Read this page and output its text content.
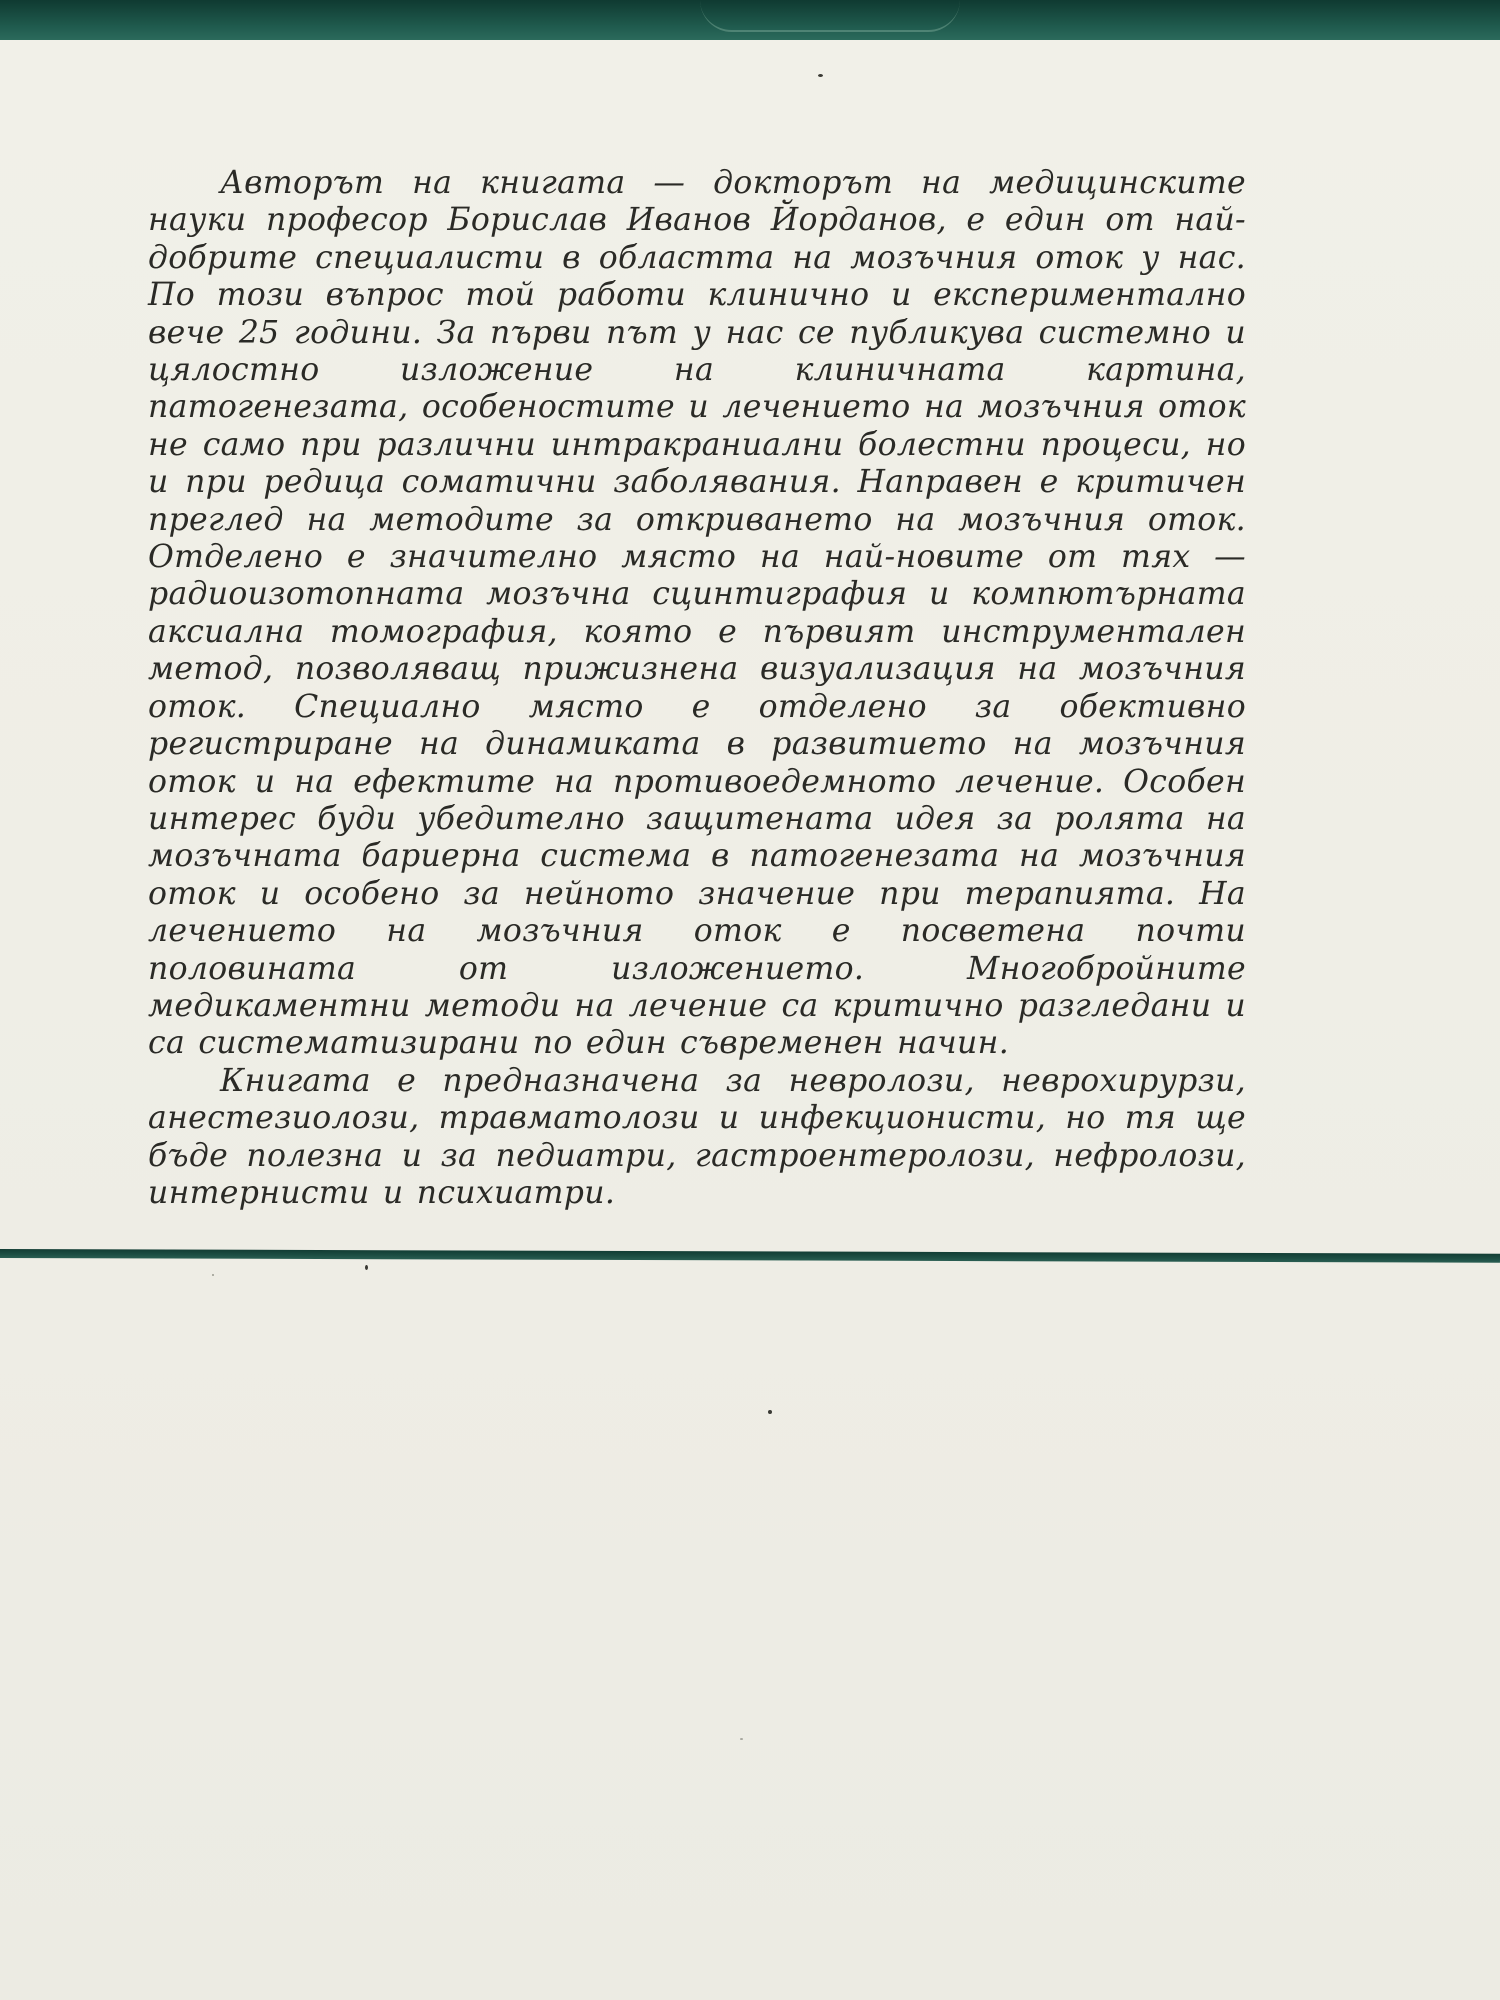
Авторът на книгата — докторът на медицинските науки професор Борислав Иванов Йорданов, е един от най-добрите специалисти в областта на мозъчния оток у нас. По този въпрос той работи клинично и експериментално вече 25 години. За първи път у нас се публикува системно и цялостно изложение на клиничната картина, патогенезата, особеностите и лечението на мозъчния оток не само при различни интракраниални болестни процеси, но и при редица соматични заболявания. Направен е критичен преглед на методите за откриването на мозъчния оток. Отделено е значително място на най-новите от тях — радиоизотопната мозъчна сцинтиграфия и компютърната аксиална томография, която е първият инструментален метод, позволяващ прижизнена визуализация на мозъчния оток. Специално място е отделено за обективно регистриране на динамиката в развитието на мозъчния оток и на ефектите на противоедемното лечение. Особен интерес буди убедително защитената идея за ролята на мозъчната бариерна система в патогенезата на мозъчния оток и особено за нейното значение при терапията. На лечението на мозъчния оток е посветена почти половината от изложението. Многобройните медикаментни методи на лечение са критично разгледани и са систематизирани по един съвременен начин.

Книгата е предназначена за невролози, неврохирурзи, анестезиолози, травматолози и инфекционисти, но тя ще бъде полезна и за педиатри, гастроентеролози, нефролози, интернисти и психиатри.
